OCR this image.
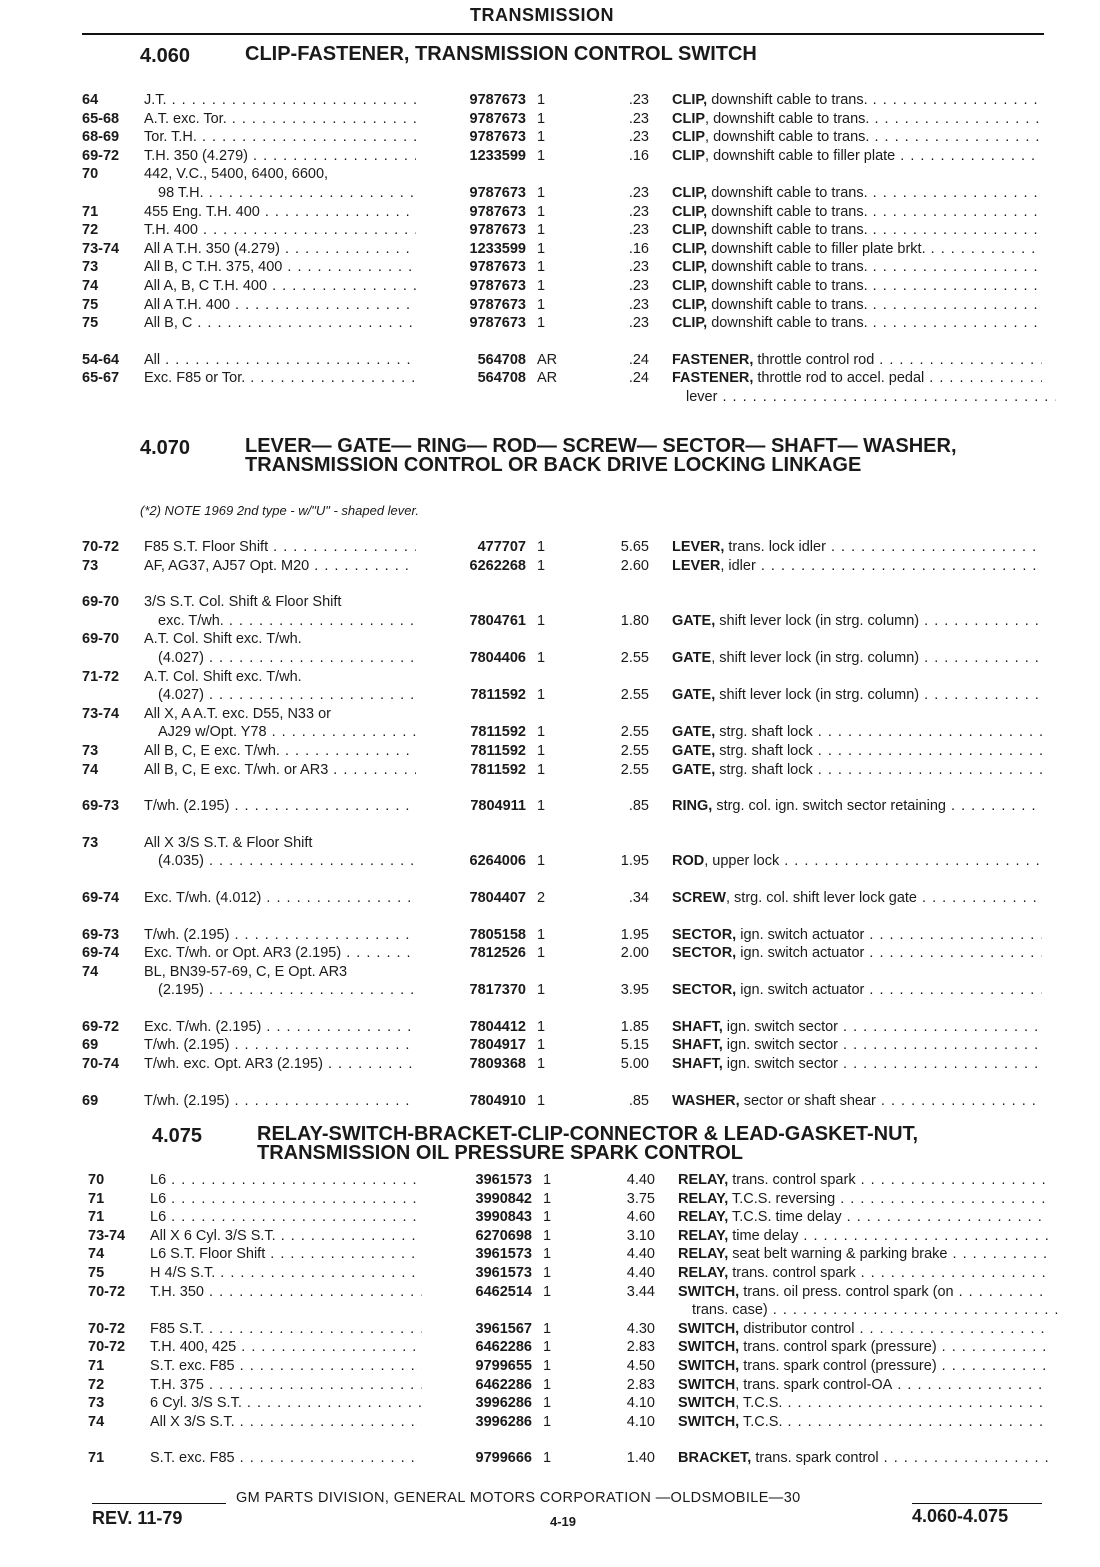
TRANSMISSION
4.060	CLIP-FASTENER, TRANSMISSION CONTROL SWITCH
64	J.T. . . .	9787673 1	.23 CLIP, downshift cable to trans. . . .
65-68	A.T. exc. Tor. . . .	9787673 1	.23 CLIP, downshift cable to trans. . . .
68-69	Tor. T.H. . . .	9787673 1	.23 CLIP, downshift cable to trans. . . .
69-72	T.H. 350 (4.279) . . .	1233599 1	.16 CLIP, downshift cable to filler plate . . .
70	442, V.C., 5400, 6400, 6600,
98 T.H. . . .	9787673 1	.23 CLIP, downshift cable to trans. . . .
71	455 Eng. T.H. 400 . . .	9787673 1	.23 CLIP, downshift cable to trans. . . .
72	T.H. 400 . . .	9787673 1	.23 CLIP, downshift cable to trans. . . .
73-74	All A T.H. 350 (4.279) . . .	1233599 1	.16 CLIP, downshift cable to filler plate brkt. . . .
73	All B, C T.H. 375, 400 . . .	9787673 1	.23 CLIP, downshift cable to trans. . . .
74	All A, B, C T.H. 400 . . .	9787673 1	.23 CLIP, downshift cable to trans. . . .
75	All A T.H. 400 . . .	9787673 1	.23 CLIP, downshift cable to trans. . . .
75	All B, C . . .	9787673 1	.23 CLIP, downshift cable to trans. . . .
54-64	All . . .	564708 AR	.24 FASTENER, throttle control rod . . .
65-67	Exc. F85 or Tor. . . .	564708 AR	.24 FASTENER, throttle rod to accel. pedal . . .
lever . . .
4.070	LEVER— GATE— RING— ROD— SCREW— SECTOR— SHAFT— WASHER, TRANSMISSION CONTROL OR BACK DRIVE LOCKING LINKAGE
(*2) NOTE 1969 2nd type - w/"U" - shaped lever.
70-72	F85 S.T. Floor Shift . . .	477707 1	5.65 LEVER, trans. lock idler . . .
73	AF, AG37, AJ57 Opt. M20 . . .	6262268 1	2.60 LEVER, idler . . .
69-70	3/S S.T. Col. Shift & Floor Shift
exc. T/wh. . . .	7804761 1	1.80 GATE, shift lever lock (in strg. column) . . .
69-70	A.T. Col. Shift exc. T/wh.
(4.027) . . .	7804406 1	2.55 GATE, shift lever lock (in strg. column) . . .
71-72	A.T. Col. Shift exc. T/wh.
(4.027) . . .	7811592 1	2.55 GATE, shift lever lock (in strg. column) . . .
73-74	All X, A A.T. exc. D55, N33 or
AJ29 w/Opt. Y78 . . .	7811592 1	2.55 GATE, strg. shaft lock . . .
73	All B, C, E exc. T/wh. . . .	7811592 1	2.55 GATE, strg. shaft lock . . .
74	All B, C, E exc. T/wh. or AR3 . . .	7811592 1	2.55 GATE, strg. shaft lock . . .
69-73	T/wh. (2.195) . . .	7804911 1	.85 RING, strg. col. ign. switch sector retaining . . .
73	All X 3/S S.T. & Floor Shift
(4.035) . . .	6264006 1	1.95 ROD, upper lock . . .
69-74	Exc. T/wh. (4.012) . . .	7804407 2	.34 SCREW, strg. col. shift lever lock gate . . .
69-73	T/wh. (2.195) . . .	7805158 1	1.95 SECTOR, ign. switch actuator . . .
69-74	Exc. T/wh. or Opt. AR3 (2.195) . . .	7812526 1	2.00 SECTOR, ign. switch actuator . . .
74	BL, BN39-57-69, C, E Opt. AR3
(2.195) . . .	7817370 1	3.95 SECTOR, ign. switch actuator . . .
69-72	Exc. T/wh. (2.195) . . .	7804412 1	1.85 SHAFT, ign. switch sector . . .
69	T/wh. (2.195) . . .	7804917 1	5.15 SHAFT, ign. switch sector . . .
70-74	T/wh. exc. Opt. AR3 (2.195) . . .	7809368 1	5.00 SHAFT, ign. switch sector . . .
69	T/wh. (2.195) . . .	7804910 1	.85 WASHER, sector or shaft shear . . .
4.075	RELAY-SWITCH-BRACKET-CLIP-CONNECTOR & LEAD-GASKET-NUT, TRANSMISSION OIL PRESSURE SPARK CONTROL
70	L6 . . .	3961573 1	4.40 RELAY, trans. control spark . . .
71	L6 . . .	3990842 1	3.75 RELAY, T.C.S. reversing . . .
71	L6 . . .	3990843 1	4.60 RELAY, T.C.S. time delay . . .
73-74	All X 6 Cyl. 3/S S.T. . . .	6270698 1	3.10 RELAY, time delay . . .
74	L6 S.T. Floor Shift . . .	3961573 1	4.40 RELAY, seat belt warning & parking brake . . .
75	H 4/S S.T. . . .	3961573 1	4.40 RELAY, trans. control spark . . .
70-72	T.H. 350 . . .	6462514 1	3.44 SWITCH, trans. oil press. control spark (on . . .
trans. case) . . .
70-72	F85 S.T. . . .	3961567 1	4.30 SWITCH, distributor control . . .
70-72	T.H. 400, 425 . . .	6462286 1	2.83 SWITCH, trans. control spark (pressure) . . .
71	S.T. exc. F85 . . .	9799655 1	4.50 SWITCH, trans. spark control (pressure) . . .
72	T.H. 375 . . .	6462286 1	2.83 SWITCH, trans. spark control-OA . . .
73	6 Cyl. 3/S S.T. . . .	3996286 1	4.10 SWITCH, T.C.S. . . .
74	All X 3/S S.T. . . .	3996286 1	4.10 SWITCH, T.C.S. . . .
71	S.T. exc. F85 . . .	9799666 1	1.40 BRACKET, trans. spark control . . .
GM PARTS DIVISION, GENERAL MOTORS CORPORATION —OLDSMOBILE—30
REV. 11-79	4-19	4.060-4.075
